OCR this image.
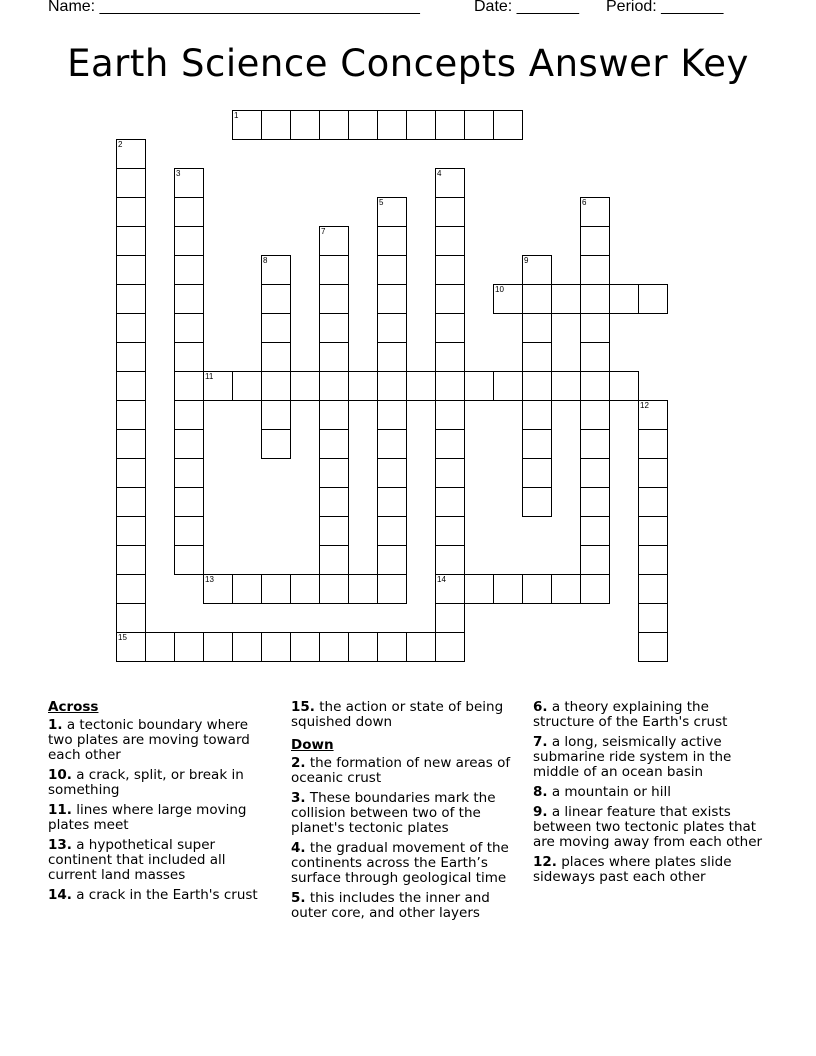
Name: ____________________________________	Date: _______ Period: _______
Earth Science Concepts Answer Key
1
2
3	4
5	6
7
8	9
10
11
12
13	14
15
Across
1. a tectonic boundary where two plates are moving toward each other
10. a crack, split, or break in something
11. lines where large moving plates meet
13. a hypothetical super continent that included all current land masses
14. a crack in the Earth's crust
15. the action or state of being squished down
Down
2. the formation of new areas of oceanic crust
3. These boundaries mark the collision between two of the planet's tectonic plates
4. the gradual movement of the continents across the Earth’s surface through geological time
5. this includes the inner and outer core, and other layers
6. a theory explaining the structure of the Earth's crust
7. a long, seismically active submarine ride system in the middle of an ocean basin
8. a mountain or hill
9. a linear feature that exists between two tectonic plates that are moving away from each other
12. places where plates slide sideways past each other
